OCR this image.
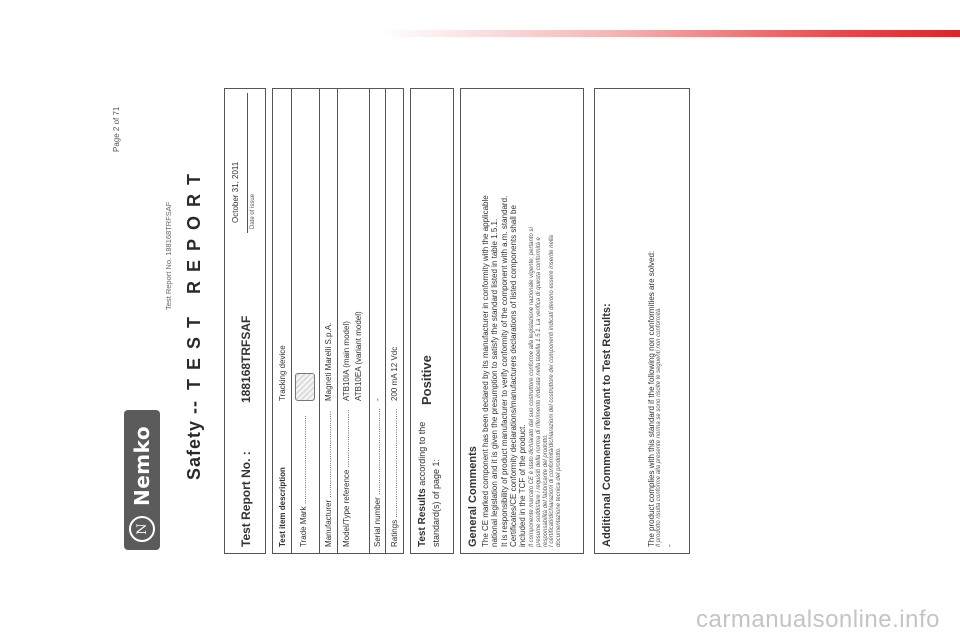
N
Nemko
Page 2 of 71
Test Report No. 188168TRFSAF
Safety --TEST REPORT
Test Report No. :
188168TRFSAF
October 31, 2011 Date of issue
Test item description
Tracking device
Trade Mark ........................................ Manufacturer .......................................
Magneti Marelli S.p.A.
Model/Type reference ..........................
ATB10IA (main model) ATB10EA (variant model)
Serial number .......................................
-
Ratings .................................................
200 mA 12 Vdc
Test Results according to the
standard(s) of page 1:
Positive
General Comments The CE marked component has been declared by its manufacturer in conformity with the applicable national legislation and it is given the presumption to satisfy the standard listed in table 1.5.1. It is responsibility of product manufacturer to verify conformity of the component with a.m. standard. Certificates/CE conformity declarations/manufacturers declarations of listed components shall be included in the TCF of the product. Il componente marcato CE è stato dichiarato dal suo costruttore conforme alla legislazione nazionale vigente; pertanto si presume soddisfare i requisiti della norma di riferimento indicata nella tabella 1.5.1. La verifica di questa conformità e responsabilità del fabbricante del prodotto. I certificati/dichiarazioni di conformità/dichiarazioni del costruttore dei componenti indicati devono essere inserite nella documentazione tecnica del prodotto.	Additional Comments relevant to Test Results:	The product complies with this standard if the following non conformities are solved: Il prodotto risulta conforme alla presente norma se sono risolte le seguenti non conformità. -
carmanualsonline.info
